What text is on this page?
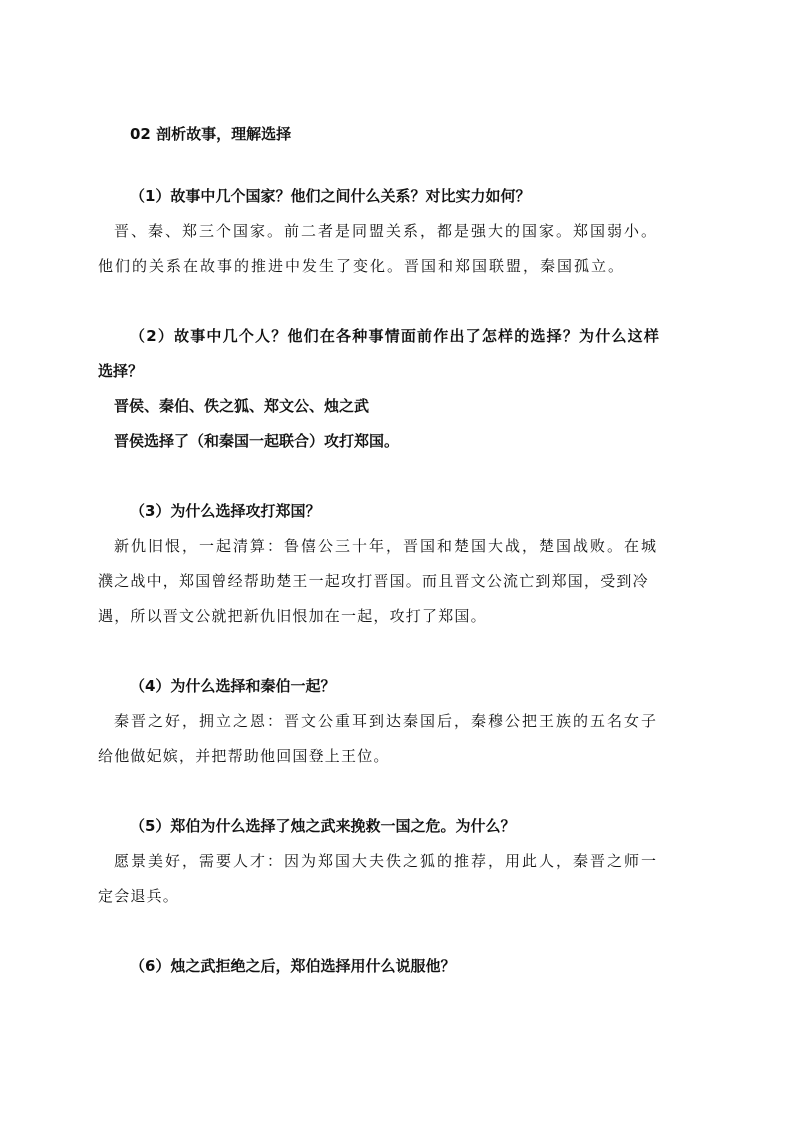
02 剖析故事，理解选择
（1）故事中几个国家？他们之间什么关系？对比实力如何？
晋、秦、郑三个国家。前二者是同盟关系，都是强大的国家。郑国弱小。
他们的关系在故事的推进中发生了变化。晋国和郑国联盟，秦国孤立。
（2）故事中几个人？他们在各种事情面前作出了怎样的选择？为什么这样
选择？
晋侯、秦伯、佚之狐、郑文公、烛之武
晋侯选择了（和秦国一起联合）攻打郑国。
（3）为什么选择攻打郑国？
新仇旧恨，一起清算：鲁僖公三十年，晋国和楚国大战，楚国战败。在城
濮之战中，郑国曾经帮助楚王一起攻打晋国。而且晋文公流亡到郑国，受到冷
遇，所以晋文公就把新仇旧恨加在一起，攻打了郑国。
（4）为什么选择和秦伯一起？
秦晋之好，拥立之恩：晋文公重耳到达秦国后，秦穆公把王族的五名女子
给他做妃嫔，并把帮助他回国登上王位。
（5）郑伯为什么选择了烛之武来挽救一国之危。为什么？
愿景美好，需要人才：因为郑国大夫佚之狐的推荐，用此人，秦晋之师一
定会退兵。
（6）烛之武拒绝之后，郑伯选择用什么说服他？
